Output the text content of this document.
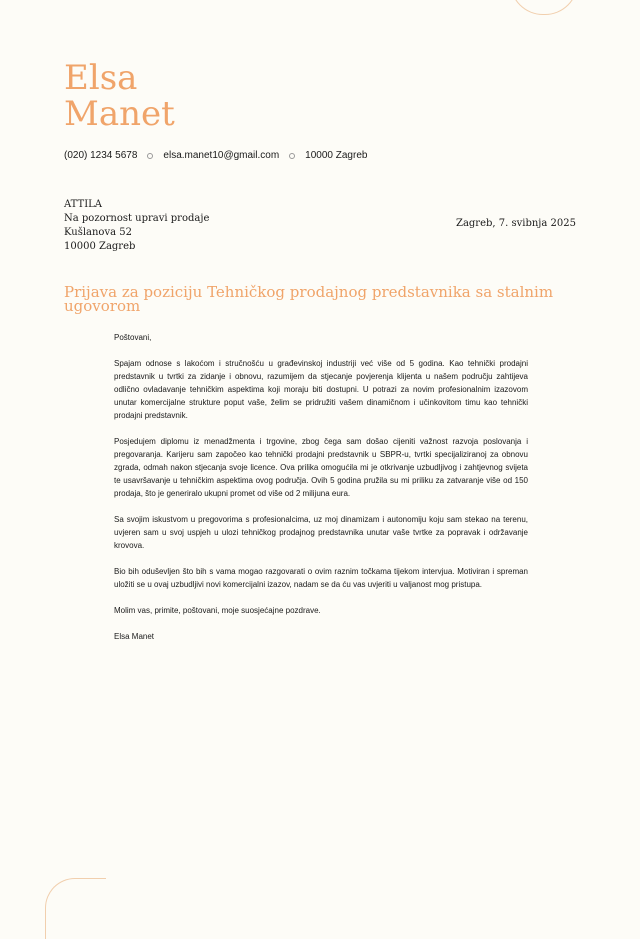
Elsa
Manet
(020) 1234 5678	elsa.manet10@gmail.com	10000 Zagreb
ATTILA
Na pozornost upravi prodaje
Kušlanova 52
10000 Zagreb
Zagreb, 7. svibnja 2025
Prijava za poziciju Tehničkog prodajnog predstavnika sa stalnim ugovorom

Poštovani,

Spajam odnose s lakoćom i stručnošću u građevinskoj industriji već više od 5 godina. Kao tehnički prodajni predstavnik u tvrtki za zidanje i obnovu, razumijem da stjecanje povjerenja klijenta u našem području zahtijeva odlično ovladavanje tehničkim aspektima koji moraju biti dostupni. U potrazi za novim profesionalnim izazovom unutar komercijalne strukture poput vaše, želim se pridružiti vašem dinamičnom i učinkovitom timu kao tehnički prodajni predstavnik.

Posjedujem diplomu iz menadžmenta i trgovine, zbog čega sam došao cijeniti važnost razvoja poslovanja i pregovaranja. Karijeru sam započeo kao tehnički prodajni predstavnik u SBPR-u, tvrtki specijaliziranoj za obnovu zgrada, odmah nakon stjecanja svoje licence. Ova prilika omogućila mi je otkrivanje uzbudljivog i zahtjevnog svijeta te usavršavanje u tehničkim aspektima ovog područja. Ovih 5 godina pružila su mi priliku za zatvaranje više od 150 prodaja, što je generiralo ukupni promet od više od 2 milijuna eura.

Sa svojim iskustvom u pregovorima s profesionalcima, uz moj dinamizam i autonomiju koju sam stekao na terenu, uvjeren sam u svoj uspjeh u ulozi tehničkog prodajnog predstavnika unutar vaše tvrtke za popravak i održavanje krovova.

Bio bih oduševljen što bih s vama mogao razgovarati o ovim raznim točkama tijekom intervjua. Motiviran i spreman uložiti se u ovaj uzbudljivi novi komercijalni izazov, nadam se da ću vas uvjeriti u valjanost mog pristupa.

Molim vas, primite, poštovani, moje suosjećajne pozdrave.

Elsa Manet
